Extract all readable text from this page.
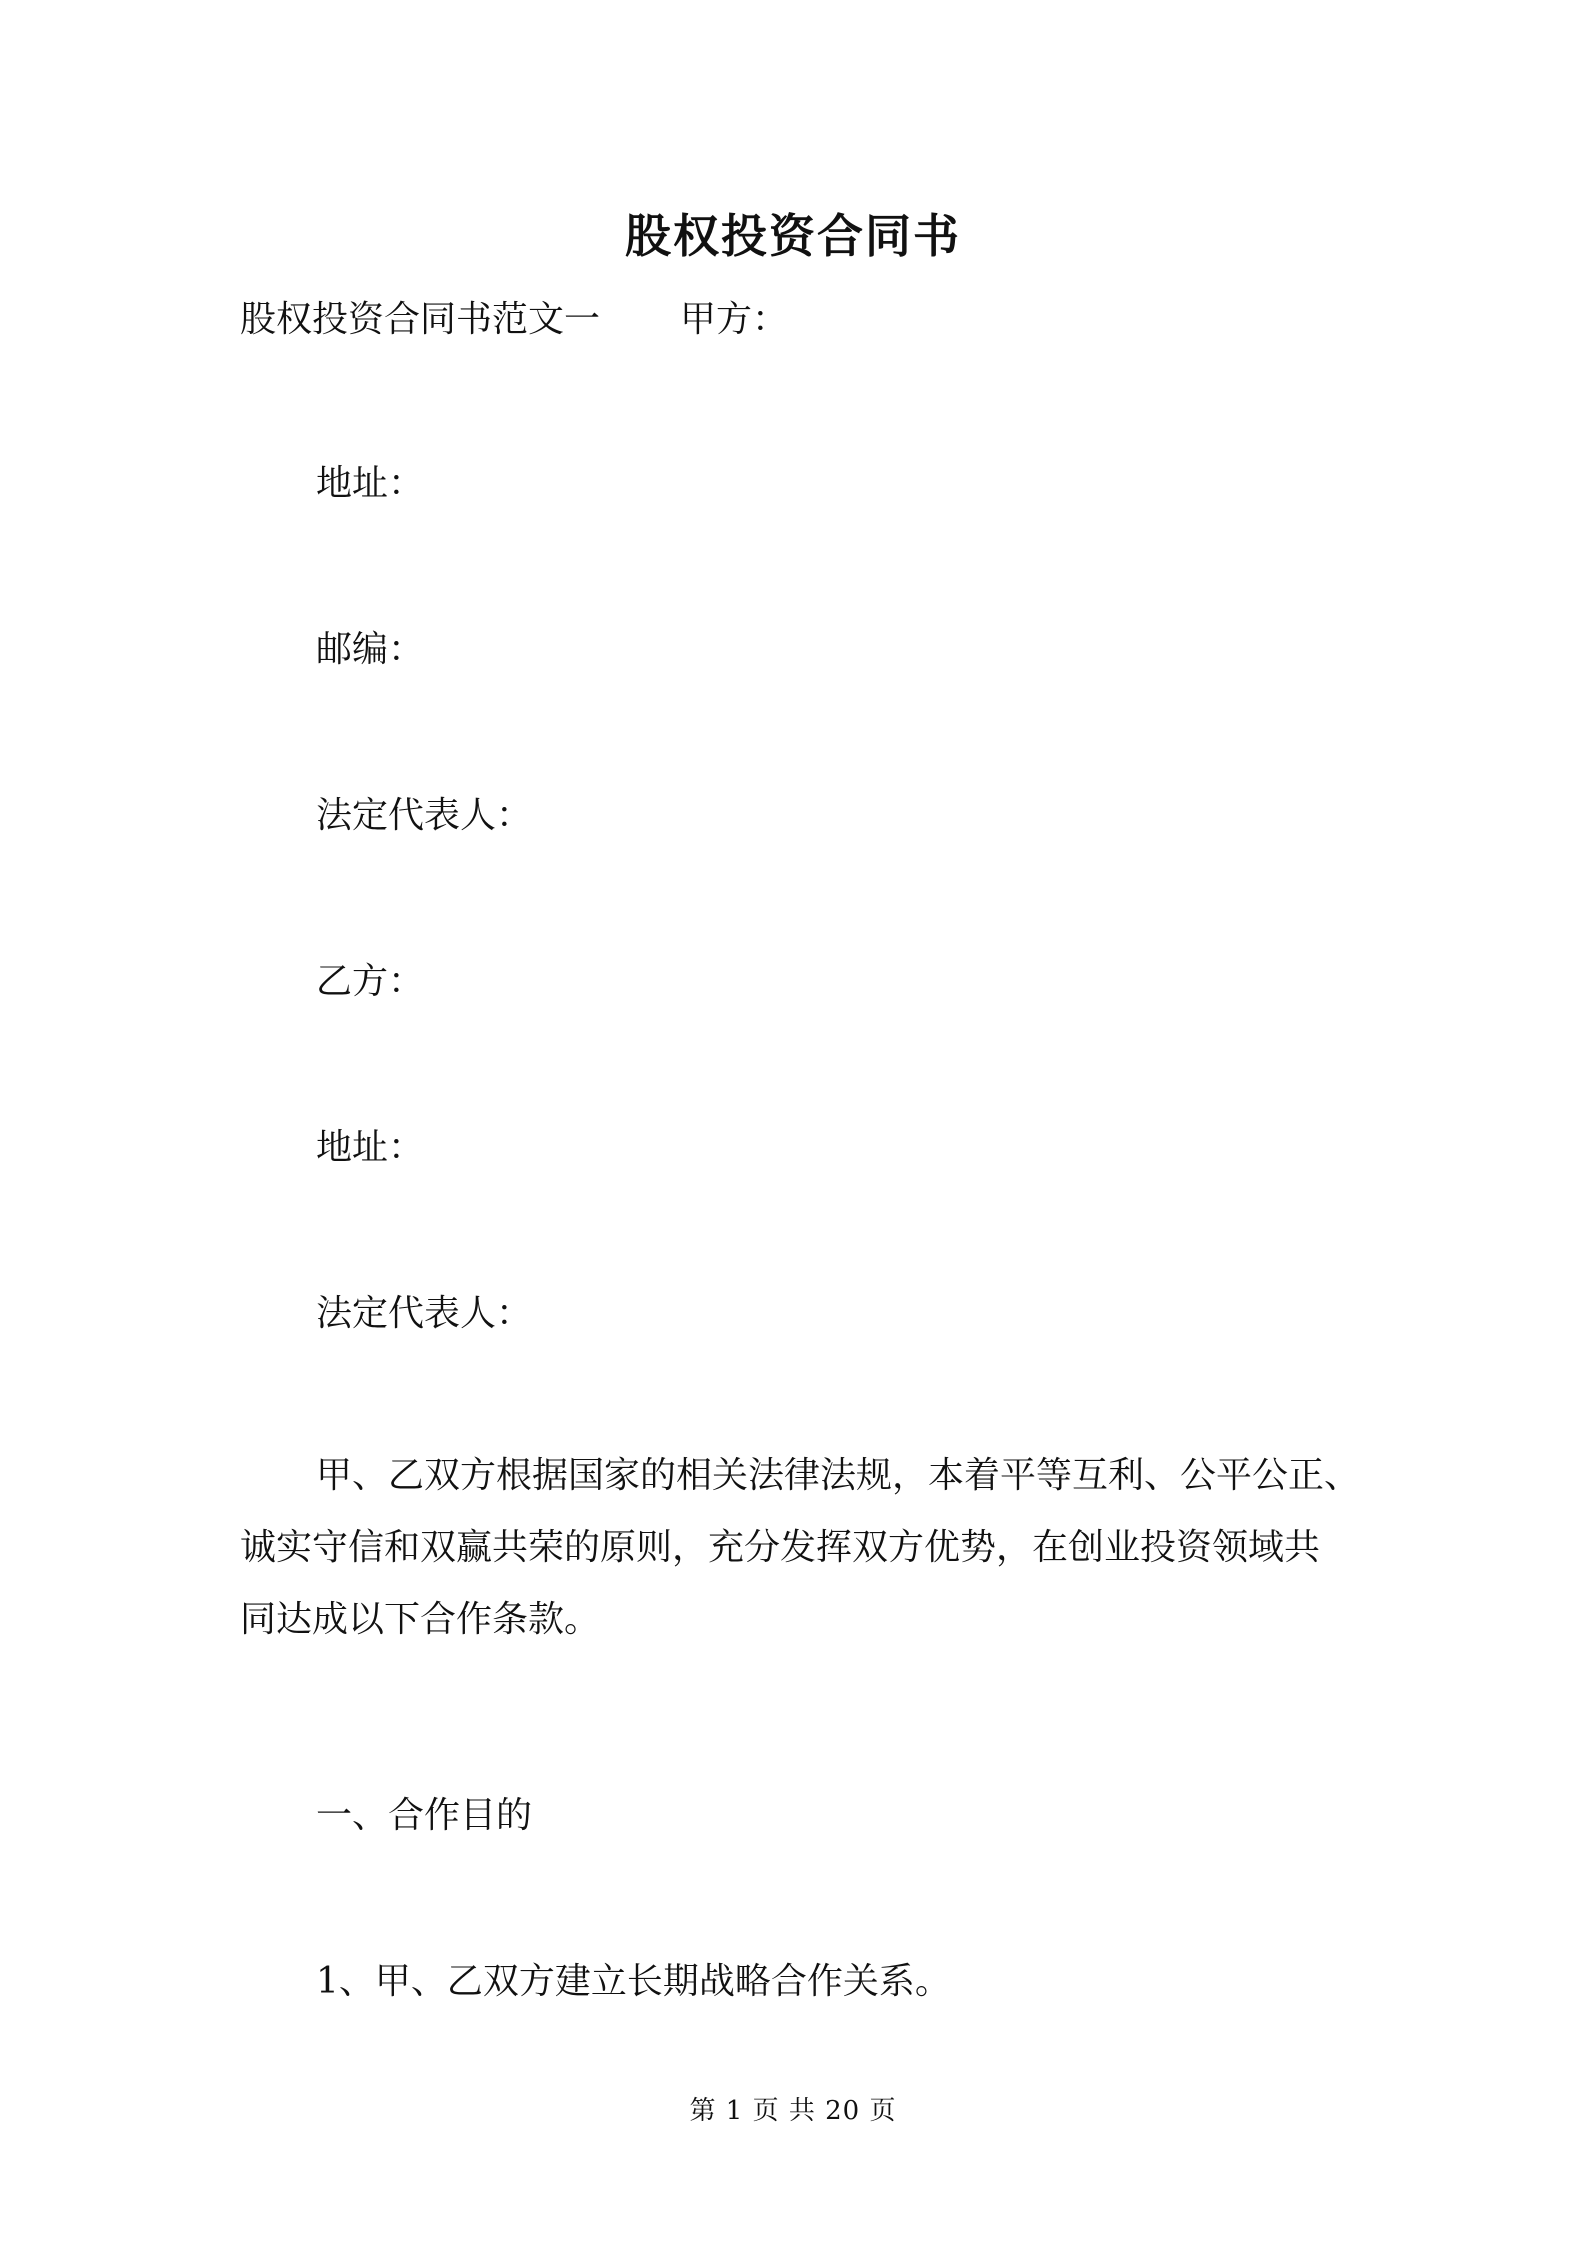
股权投资合同书
股权投资合同书范文一 甲方：
地址：
邮编：
法定代表人：
乙方：
地址：
法定代表人：
甲、乙双方根据国家的相关法律法规，本着平等互利、公平公正、
诚实守信和双赢共荣的原则，充分发挥双方优势，在创业投资领域共
同达成以下合作条款。
一、合作目的
1、甲、乙双方建立长期战略合作关系。
第 1 页 共 20 页
